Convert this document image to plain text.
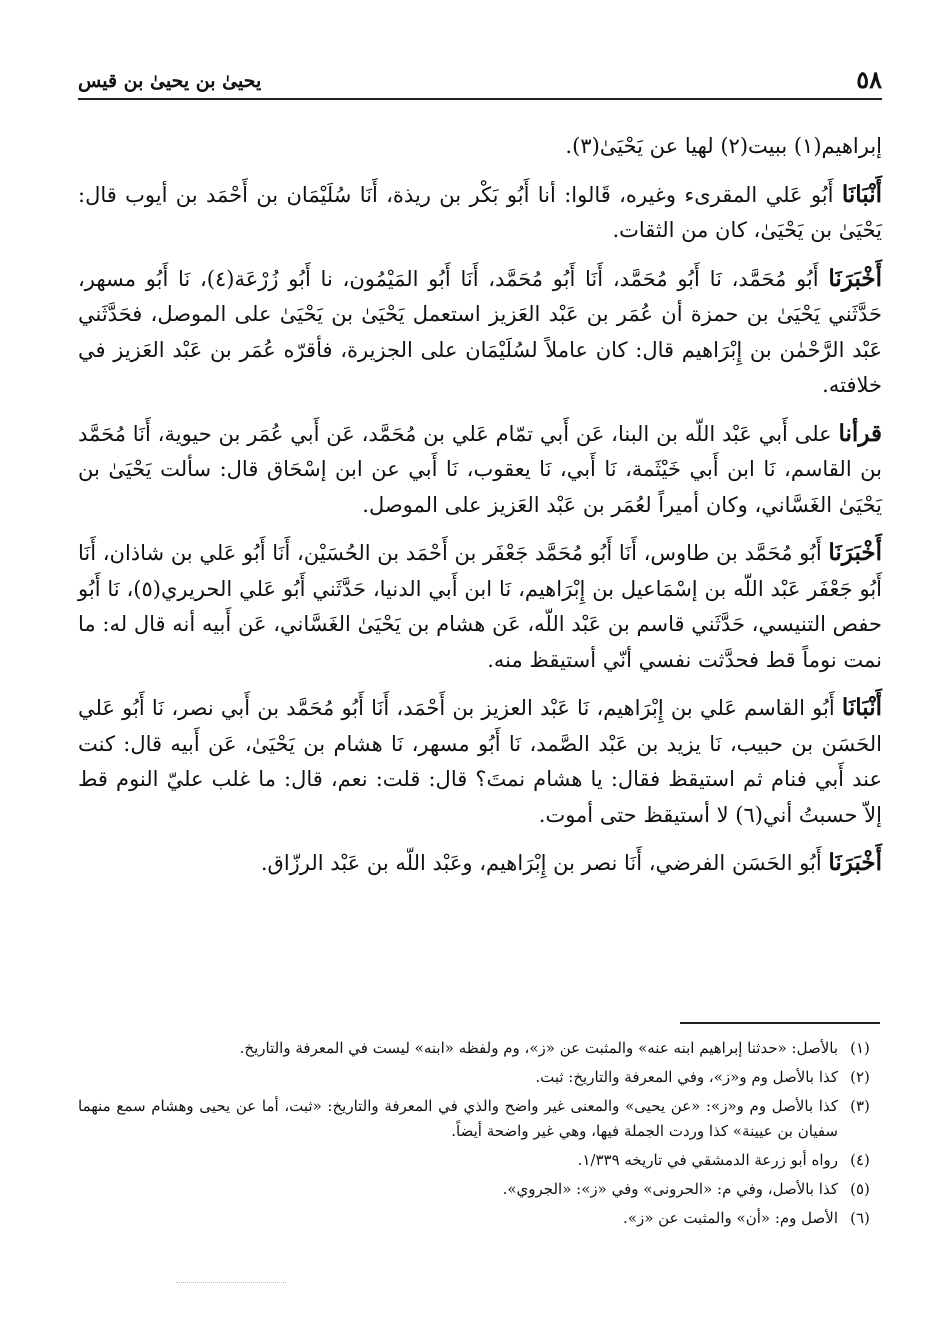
٥٨
يحيىٰ بن يحيىٰ بن قيس

إبراهيم(١) ببيت(٢) لهيا عن يَحْيَىٰ(٣).

أَنْبَانَا أَبُو عَلي المقرىء وغيره، قَالوا: أنا أَبُو بَكْر بن ريذة، أَنَا سُلَيْمَان بن أَحْمَد بن أيوب قال: يَحْيَىٰ بن يَحْيَىٰ، كان من الثقات.

أَخْبَرَنَا أَبُو مُحَمَّد، نَا أَبُو مُحَمَّد، أَنَا أَبُو مُحَمَّد، أَنَا أَبُو المَيْمُون، نا أَبُو زُرْعَة(٤)، نَا أَبُو مسهر، حَدَّثَني يَحْيَىٰ بن حمزة أن عُمَر بن عَبْد العَزيز استعمل يَحْيَىٰ بن يَحْيَىٰ على الموصل، فحَدَّثَني عَبْد الرَّحْمٰن بن إِبْرَاهيم قال: كان عاملاً لسُلَيْمَان على الجزيرة، فأقرّه عُمَر بن عَبْد العَزيز في خلافته.

قرأنا على أَبي عَبْد اللّه بن البنا، عَن أَبي تمّام عَلي بن مُحَمَّد، عَن أَبي عُمَر بن حيوية، أَنَا مُحَمَّد بن القاسم، نَا ابن أَبي خَيْثَمة، نَا أَبي، نَا يعقوب، نَا أَبي عن ابن إسْحَاق قال: سألت يَحْيَىٰ بن يَحْيَىٰ الغَسَّاني، وكان أميراً لعُمَر بن عَبْد العَزيز على الموصل.

أَخْبَرَنَا أَبُو مُحَمَّد بن طاوس، أَنَا أَبُو مُحَمَّد جَعْفَر بن أَحْمَد بن الحُسَيْن، أَنَا أَبُو عَلي بن شاذان، أَنَا أَبُو جَعْفَر عَبْد اللّه بن إسْمَاعيل بن إِبْرَاهيم، نَا ابن أَبي الدنيا، حَدَّثَني أَبُو عَلي الحريري(٥)، نَا أَبُو حفص التنيسي، حَدَّثَني قاسم بن عَبْد اللّه، عَن هشام بن يَحْيَىٰ الغَسَّاني، عَن أَبيه أنه قال له: ما نمت نوماً قط فحدَّثت نفسي أنّي أستيقظ منه.

أَنْبَانَا أَبُو القاسم عَلي بن إِبْرَاهيم، نَا عَبْد العزيز بن أَحْمَد، أَنَا أَبُو مُحَمَّد بن أَبي نصر، نَا أَبُو عَلي الحَسَن بن حبيب، نَا يزيد بن عَبْد الصَّمد، نَا أَبُو مسهر، نَا هشام بن يَحْيَىٰ، عَن أَبيه قال: كنت عند أَبي فنام ثم استيقظ فقال: يا هشام نمتَ؟ قال: قلت: نعم، قال: ما غلب عليّ النوم قط إلاّ حسبتُ أني(٦) لا أستيقظ حتى أموت.

أَخْبَرَنَا أَبُو الحَسَن الفرضي، أَنَا نصر بن إِبْرَاهيم، وعَبْد اللّه بن عَبْد الرزّاق.

(١)
بالأصل: «حدثنا إبراهيم ابنه عنه» والمثبت عن «ز»، وم ولفظه «ابنه» ليست في المعرفة والتاريخ.
(٢)
كذا بالأصل وم و«ز»، وفي المعرفة والتاريخ: ثبت.
(٣)
كذا بالأصل وم و«ز»: «عن يحيى» والمعنى غير واضح والذي في المعرفة والتاريخ: «ثبت، أما عن يحيى وهشام سمع منهما سفيان بن عيينة» كذا وردت الجملة فيها، وهي غير واضحة أيضاً.
(٤)
رواه أبو زرعة الدمشقي في تاريخه ١/٣٣٩.
(٥)
كذا بالأصل، وفي م: «الحرونى» وفي «ز»: «الجروي».
(٦)
الأصل وم: «أن» والمثبت عن «ز».
